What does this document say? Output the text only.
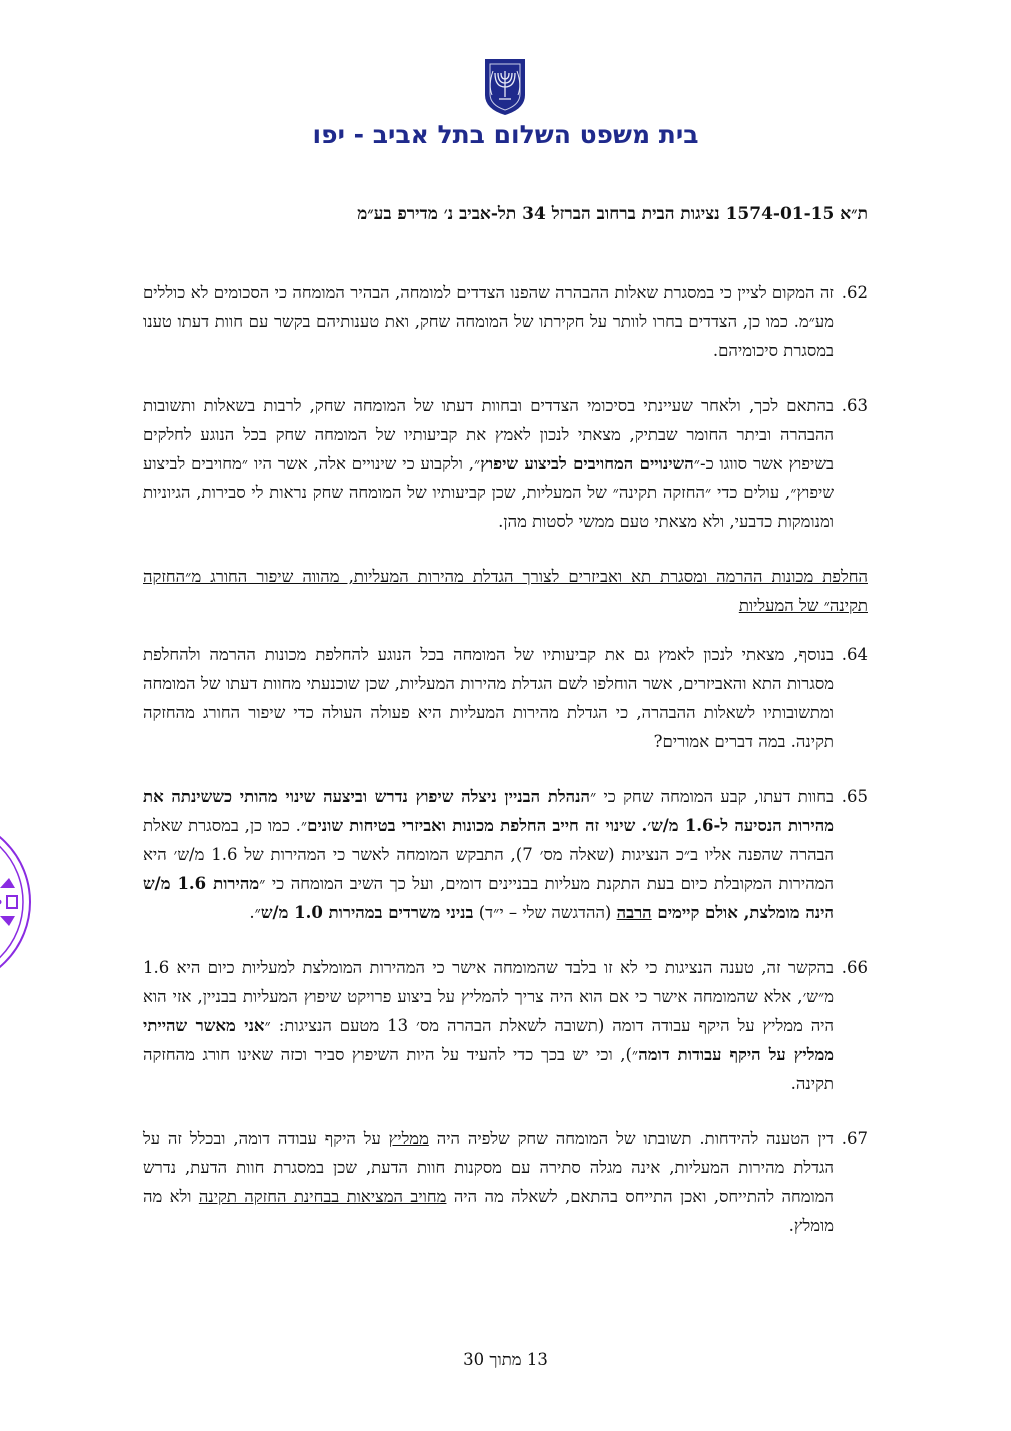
בית משפט השלום בתל אביב - יפו
ת״א 1574-01-15 נציגות הבית ברחוב הברזל 34 תל-אביב נ׳ מדירפ בע״מ
62.
זה המקום לציין כי במסגרת שאלות ההבהרה שהפנו הצדדים למומחה, הבהיר המומחה כי הסכומים לא כוללים מע״מ. כמו כן, הצדדים בחרו לוותר על חקירתו של המומחה שחק, ואת טענותיהם בקשר עם חוות דעתו טענו במסגרת סיכומיהם.
63.
בהתאם לכך, ולאחר שעיינתי בסיכומי הצדדים ובחוות דעתו של המומחה שחק, לרבות בשאלות ותשובות ההבהרה וביתר החומר שבתיק, מצאתי לנכון לאמץ את קביעותיו של המומחה שחק בכל הנוגע לחלקים בשיפוץ אשר סווגו כ-״השינויים המחויבים לביצוע שיפוץ״, ולקבוע כי שינויים אלה, אשר היו ״מחויבים לביצוע שיפוץ״, עולים כדי ״החזקה תקינה״ של המעליות, שכן קביעותיו של המומחה שחק נראות לי סבירות, הגיוניות ומנומקות כדבעי, ולא מצאתי טעם ממשי לסטות מהן.
החלפת מכונות ההרמה ומסגרת תא ואביזרים לצורך הגדלת מהירות המעליות, מהווה שיפור החורג מ״החזקה תקינה״ של המעליות
64.
בנוסף, מצאתי לנכון לאמץ גם את קביעותיו של המומחה בכל הנוגע להחלפת מכונות ההרמה ולהחלפת מסגרות התא והאביזרים, אשר הוחלפו לשם הגדלת מהירות המעליות, שכן שוכנעתי מחוות דעתו של המומחה ומתשובותיו לשאלות ההבהרה, כי הגדלת מהירות המעליות היא פעולה העולה כדי שיפור החורג מהחזקה תקינה. במה דברים אמורים?
65.
בחוות דעתו, קבע המומחה שחק כי ״הנהלת הבניין ניצלה שיפוץ נדרש וביצעה שינוי מהותי כששינתה את מהירות הנסיעה ל-1.6 מ/ש׳. שינוי זה חייב החלפת מכונות ואביזרי בטיחות שונים״. כמו כן, במסגרת שאלת הבהרה שהפנה אליו ב״כ הנציגות (שאלה מס׳ 7), התבקש המומחה לאשר כי המהירות של 1.6 מ/ש׳ היא המהירות המקובלת כיום בעת התקנת מעליות בבניינים דומים, ועל כך השיב המומחה כי ״מהירות 1.6 מ/ש הינה מומלצת, אולם קיימים הרבה (ההדגשה שלי – י״ד) בניני משרדים במהירות 1.0 מ/ש״.
66.
בהקשר זה, טענה הנציגות כי לא זו בלבד שהמומחה אישר כי המהירות המומלצת למעליות כיום היא 1.6 מ״ש׳, אלא שהמומחה אישר כי אם הוא היה צריך להמליץ על ביצוע פרויקט שיפוץ המעליות בבניין, אזי הוא היה ממליץ על היקף עבודה דומה (תשובה לשאלת הבהרה מס׳ 13 מטעם הנציגות: ״אני מאשר שהייתי ממליץ על היקף עבודות דומה״), וכי יש בכך כדי להעיד על היות השיפוץ סביר וכזה שאינו חורג מהחזקה תקינה.
67.
דין הטענה להידחות. תשובתו של המומחה שחק שלפיה היה ממליץ על היקף עבודה דומה, ובכלל זה על הגדלת מהירות המעליות, אינה מגלה סתירה עם מסקנות חוות הדעת, שכן במסגרת חוות הדעת, נדרש המומחה להתייחס, ואכן התייחס בהתאם, לשאלה מה היה מחויב המציאות בבחינת החזקה תקינה ולא מה מומלץ.
13 מתוך 30
